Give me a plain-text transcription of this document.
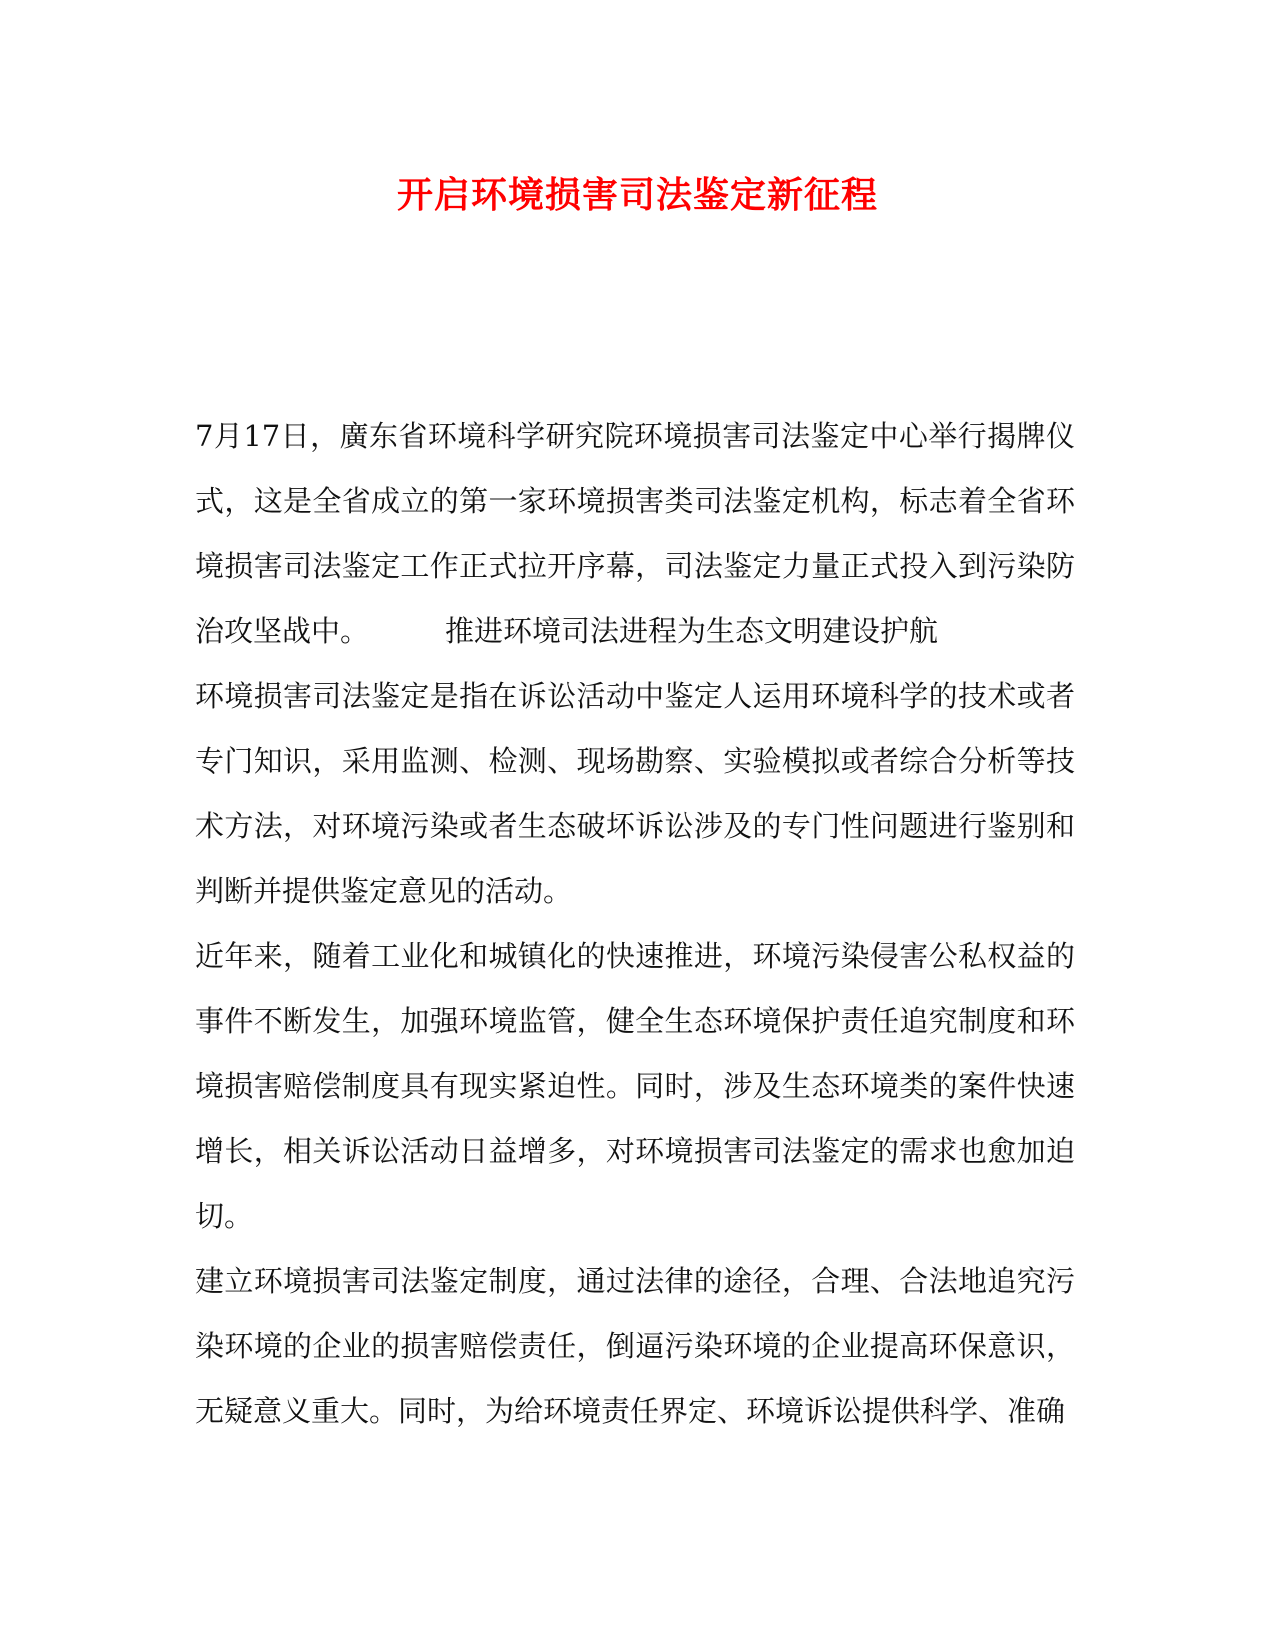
开启环境损害司法鉴定新征程

7月17日，廣东省环境科学研究院环境损害司法鉴定中心举行揭牌仪式，这是全省成立的第一家环境损害类司法鉴定机构，标志着全省环境损害司法鉴定工作正式拉开序幕，司法鉴定力量正式投入到污染防治攻坚战中。	推进环境司法进程为生态文明建设护航

环境损害司法鉴定是指在诉讼活动中鉴定人运用环境科学的技术或者专门知识，采用监测、检测、现场勘察、实验模拟或者综合分析等技术方法，对环境污染或者生态破坏诉讼涉及的专门性问题进行鉴别和判断并提供鉴定意见的活动。

近年来，随着工业化和城镇化的快速推进，环境污染侵害公私权益的事件不断发生，加强环境监管，健全生态环境保护责任追究制度和环境损害赔偿制度具有现实紧迫性。同时，涉及生态环境类的案件快速增长，相关诉讼活动日益增多，对环境损害司法鉴定的需求也愈加迫切。

建立环境损害司法鉴定制度，通过法律的途径，合理、合法地追究污染环境的企业的损害赔偿责任，倒逼污染环境的企业提高环保意识，无疑意义重大。同时，为给环境责任界定、环境诉讼提供科学、准确
